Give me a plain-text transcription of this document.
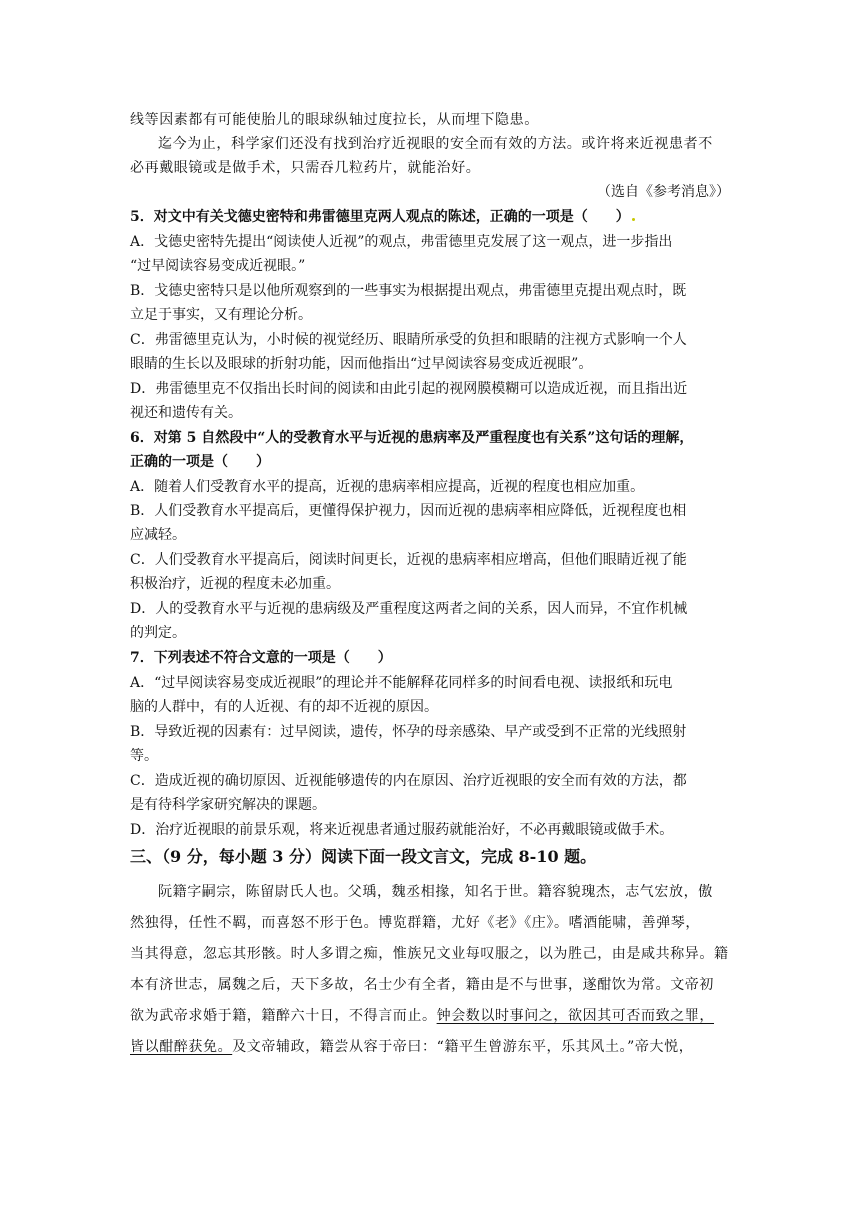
线等因素都有可能使胎儿的眼球纵轴过度拉长，从而埋下隐患。
迄今为止，科学家们还没有找到治疗近视眼的安全而有效的方法。或许将来近视患者不
必再戴眼镜或是做手术，只需吞几粒药片，就能治好。
（选自《参考消息》）
5．对文中有关戈德史密特和弗雷德里克两人观点的陈述，正确的一项是（　　）
A．戈德史密特先提出“阅读使人近视”的观点，弗雷德里克发展了这一观点，进一步指出
“过早阅读容易变成近视眼。”
B．戈德史密特只是以他所观察到的一些事实为根据提出观点，弗雷德里克提出观点时，既
立足于事实，又有理论分析。
C．弗雷德里克认为，小时候的视觉经历、眼睛所承受的负担和眼睛的注视方式影响一个人
眼睛的生长以及眼球的折射功能，因而他指出“过早阅读容易变成近视眼”。
D．弗雷德里克不仅指出长时间的阅读和由此引起的视网膜模糊可以造成近视，而且指出近
视还和遗传有关。
6．对第 5 自然段中“人的受教育水平与近视的患病率及严重程度也有关系”这句话的理解，
正确的一项是（　　）
A．随着人们受教育水平的提高，近视的患病率相应提高，近视的程度也相应加重。
B．人们受教育水平提高后，更懂得保护视力，因而近视的患病率相应降低，近视程度也相
应减轻。
C．人们受教育水平提高后，阅读时间更长，近视的患病率相应增高，但他们眼睛近视了能
积极治疗，近视的程度未必加重。
D．人的受教育水平与近视的患病级及严重程度这两者之间的关系，因人而异，不宜作机械
的判定。
7．下列表述不符合文意的一项是（　　）
A．“过早阅读容易变成近视眼”的理论并不能解释花同样多的时间看电视、读报纸和玩电
脑的人群中，有的人近视、有的却不近视的原因。
B．导致近视的因素有：过早阅读，遗传，怀孕的母亲感染、早产或受到不正常的光线照射
等。
C．造成近视的确切原因、近视能够遗传的内在原因、治疗近视眼的安全而有效的方法，都
是有待科学家研究解决的课题。
D．治疗近视眼的前景乐观，将来近视患者通过服药就能治好，不必再戴眼镜或做手术。
三、（9 分，每小题 3 分）阅读下面一段文言文，完成 8-10 题。
阮籍字嗣宗，陈留尉氏人也。父瑀，魏丞相掾，知名于世。籍容貌瑰杰，志气宏放，傲
然独得，任性不羁，而喜怒不形于色。博览群籍，尤好《老》《庄》。嗜酒能啸，善弹琴，
当其得意，忽忘其形骸。时人多谓之痴，惟族兄文业每叹服之，以为胜己，由是咸共称异。籍
本有济世志，属魏之后，天下多故，名士少有全者，籍由是不与世事，遂酣饮为常。文帝初
欲为武帝求婚于籍，籍醉六十日，不得言而止。钟会数以时事问之，欲因其可否而致之罪，
皆以酣醉获免。及文帝辅政，籍尝从容于帝曰：“籍平生曾游东平，乐其风土。”帝大悦，
